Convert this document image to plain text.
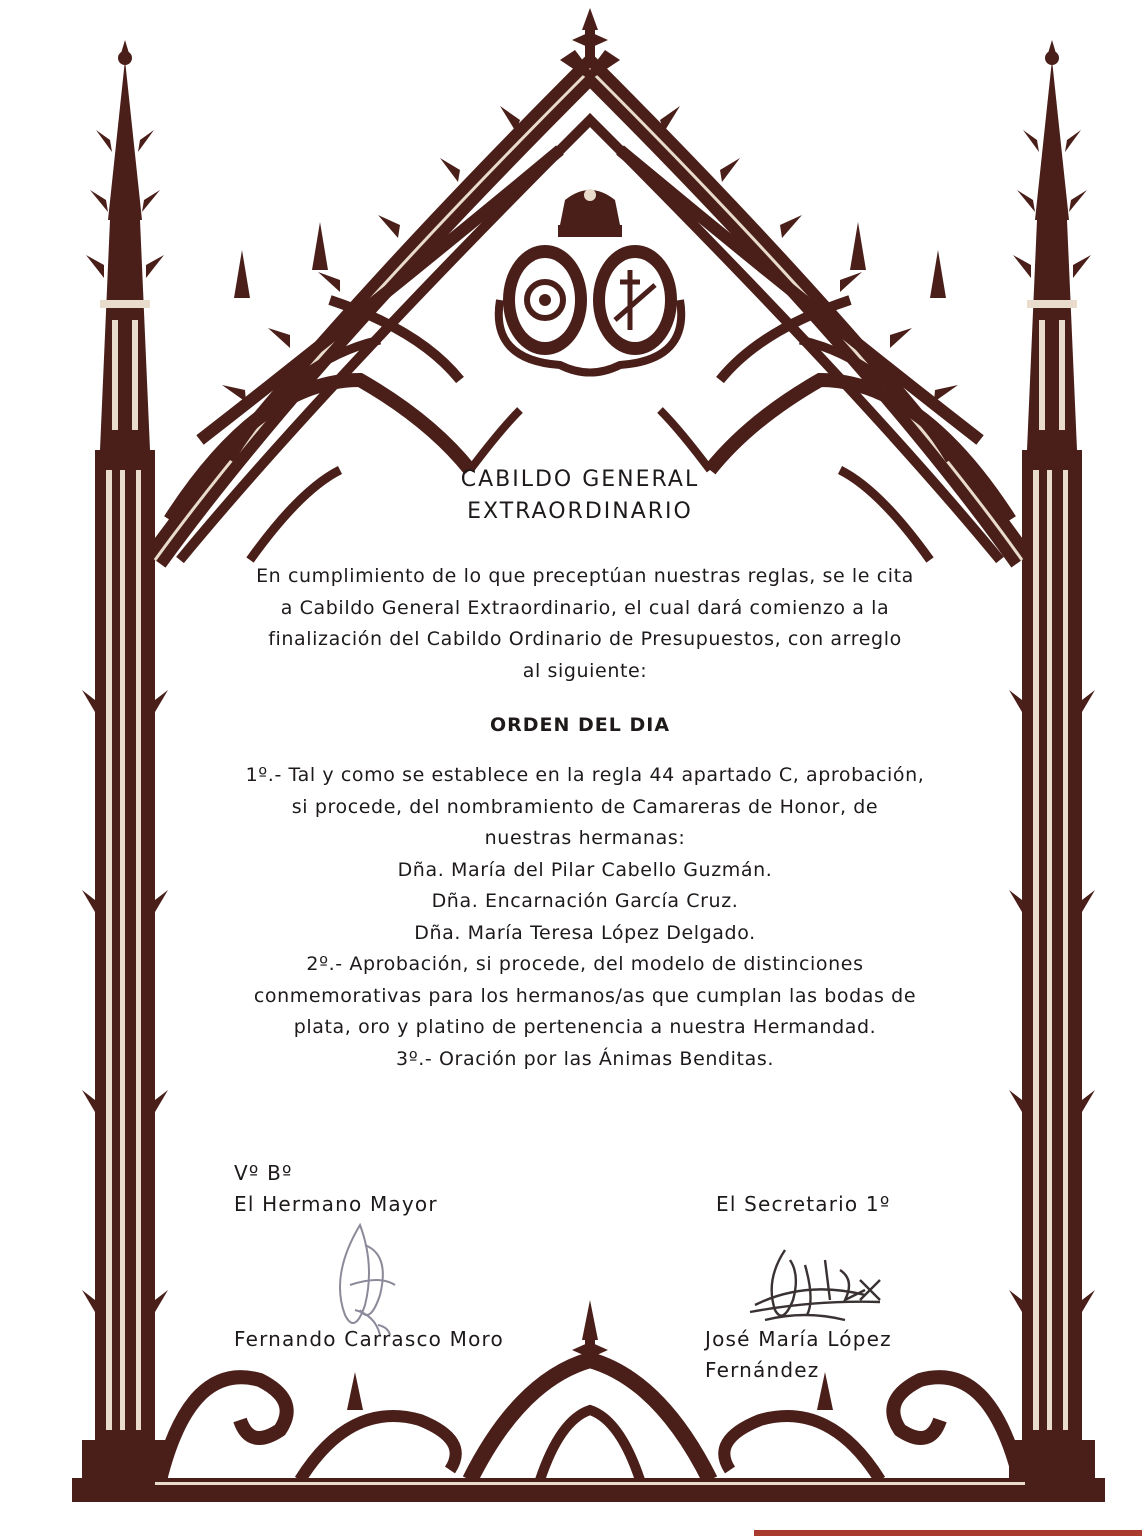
CABILDO GENERAL
EXTRAORDINARIO
En cumplimiento de lo que preceptúan nuestras reglas, se le cita
a Cabildo General Extraordinario, el cual dará comienzo a la
finalización del Cabildo Ordinario de Presupuestos, con arreglo
al siguiente:
ORDEN DEL DIA
1º.- Tal y como se establece en la regla 44 apartado C, aprobación,
si procede, del nombramiento de Camareras de Honor, de
nuestras hermanas:
Dña. María del Pilar Cabello Guzmán.
Dña. Encarnación García Cruz.
Dña. María Teresa López Delgado.
2º.- Aprobación, si procede, del modelo de distinciones
conmemorativas para los hermanos/as que cumplan las bodas de
plata, oro y platino de pertenencia a nuestra Hermandad.
3º.- Oración por las Ánimas Benditas.
Vº Bº
El Hermano Mayor
Fernando Carrasco Moro
El Secretario 1º
José María López
Fernández
